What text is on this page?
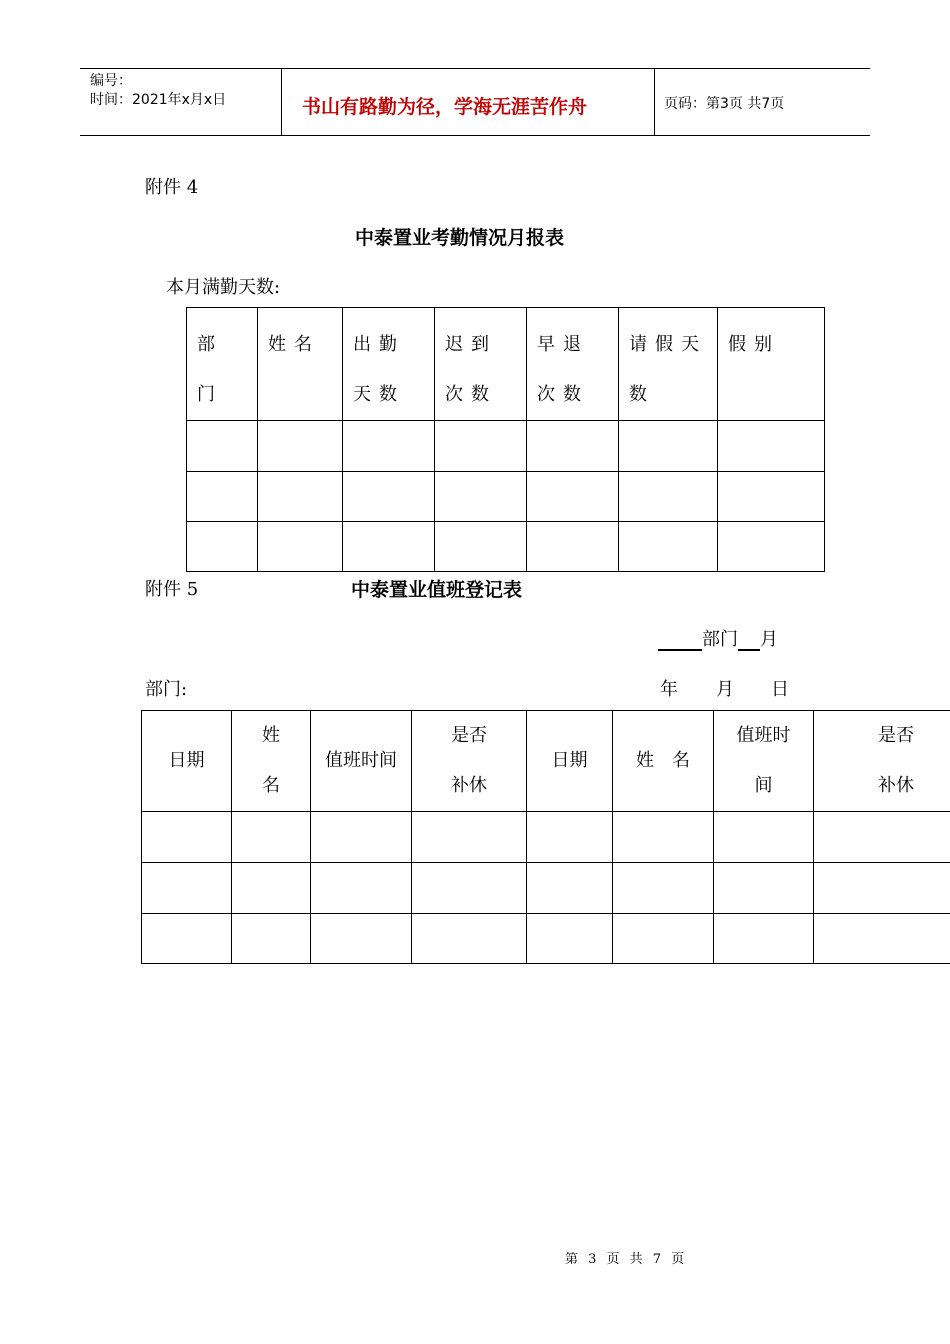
编号：
时间：2021年x月x日	书山有路勤为径，学海无涯苦作舟	页码：第3页 共7页
附件 4
中泰置业考勤情况月报表
本月满勤天数:
部门	姓名	出勤天数	迟到次数	早退次数	请假天数	假别

附件 5	中泰置业值班登记表
部门 月
部门:	年 月 日
日期	姓名	值班时间	是否补休	日期	姓　名	值班时间	是否补休

第 3 页 共 7 页
